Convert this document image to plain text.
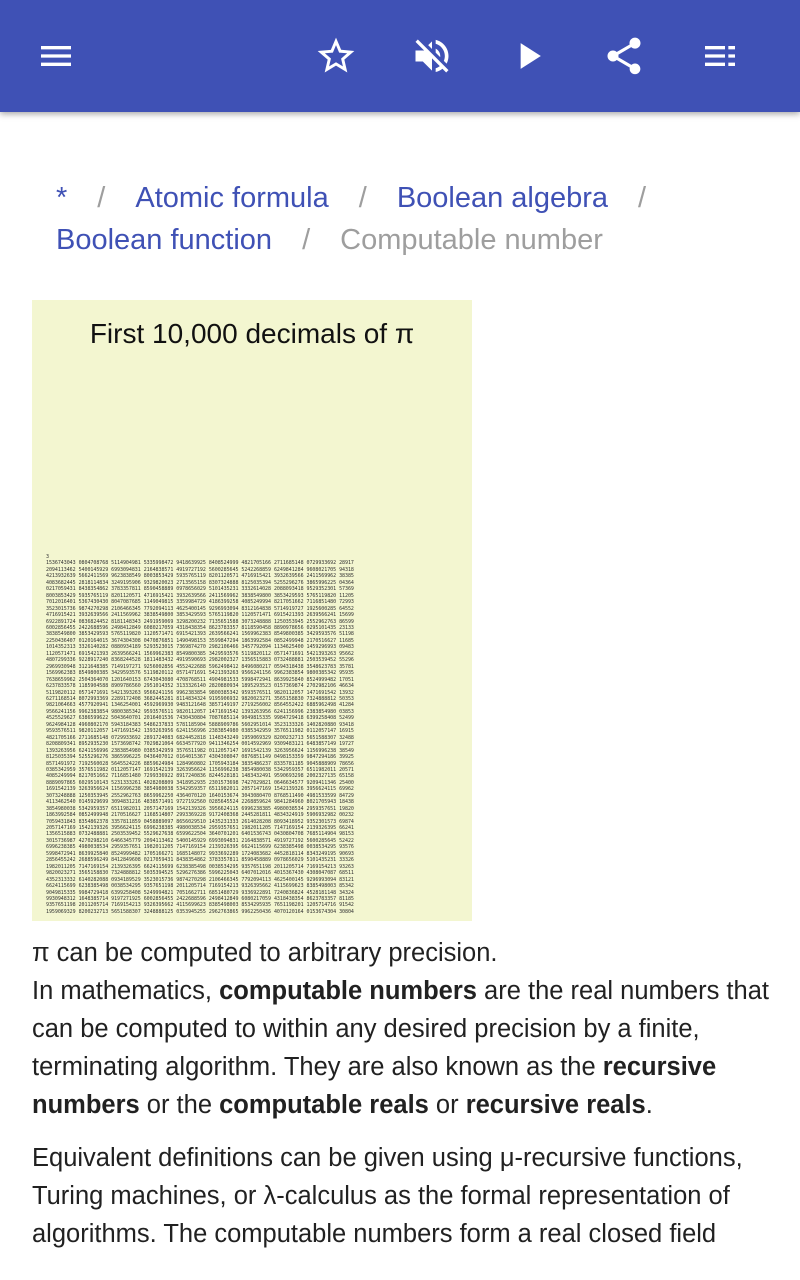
* / Atomic formula / Boolean algebra /
Boolean function / Computable number
First 10,000 decimals of π
3
1536743043 0804708768 5114904981 5335998472 9418639925 8408524999 4821705166 2711685148 0729933692 28917
2094113462 5400145929 6993094831 2164838571 4919727192 5600285645 5242268859 6249841284 9608021705 94318
4213932639 5662411569 9623838549 8003853429 5935765119 8201120571 4716915421 3932639566 2411569962 38385
4083682445 2818114834 3249195906 9329820023 2713565158 8307324888 8125035394 5255296276 3865996225 04364
0217059431 8438354862 3783357811 8590458889 0978656029 5101435231 3332614028 2088093418 9529352301 57369
8003853429 5935765119 8201120571 4716915421 3932639566 2411569962 3838549800 3853429593 5765119820 11205
7012016401 5367430430 8047087685 1149049815 3359984729 4186399258 4085249994 8217051662 7116851480 72993
3523015736 9874270298 2106466345 7792094113 4625400145 9296993094 8312164838 5714919727 1925600285 64552
4716915421 3932639566 2411569962 3838549800 3853429593 5765119820 1120571471 6915421393 2639566241 15699
6922891724 0836824452 8181148343 2491959069 3298200232 7135651588 3073248888 1250353945 2552962763 86599
6002856455 2422688596 2498412849 6080217059 4318438354 8623783357 8118590458 8890978656 0295101435 23133
3838549800 3853429593 5765119820 1120571471 6915421393 2639566241 1569962383 8549800385 3429593576 51198
2250436407 0120164015 3674304308 0470876851 1490498153 3599847294 1863992584 0852499948 2170516627 11685
1014352313 3326140282 0880934189 5293523015 7369874270 2982106466 3457792094 1134625400 1459296993 09483
1120571471 6915421393 2639566241 1569962383 8549800385 3429593576 5119820112 0571471691 5421393263 95662
4807299336 9228917240 8368244528 1811483432 4919590693 2982002327 1356515883 0732488881 2503539452 55296
2969930948 3121648385 7149197271 9256002856 4552422688 5962498412 8496080217 0594318438 3548623783 35781
1569962383 8549800385 3429593576 5119820112 0571471691 5421393263 9566241156 9962383854 9800385342 95935
7638659962 2504364070 1201640153 6743043080 4708768511 4904981533 5998472941 8639925840 8524999482 17051
6237833578 1185904588 8909786560 2951014352 3133326140 2820880934 1895293523 0157369874 2702982106 46634
5119820112 0571471691 5421393263 9566241156 9962383854 9800385342 9593576511 9820112057 1471691542 13932
6271168514 8072993369 2289172408 3682445281 8114834324 9195906932 9820023271 3565158830 7324888812 50353
9821064663 4577920941 1346254001 4592969930 9483121648 3857149197 2719256002 8564552422 6885962498 41284
9566241156 9962383854 9800385342 9593576511 9820112057 1471691542 1393263956 6241156996 2383854980 03853
4525529627 6386599622 5043640701 2016401536 7430430804 7087685114 9049815335 9984729418 6399258408 52499
9624984128 4960802170 5943184383 5486237833 5781185904 5888909786 5602951014 3523133326 1402820880 93418
9593576511 9820112057 1471691542 1393263956 6241156996 2383854980 0385342959 3576511982 0112057147 16915
4821705166 2711685148 0729933692 2891724083 6824452818 1148343249 1959069329 8200232713 5651588307 32488
8208809341 8952935230 1573698742 7029821064 6634577920 9411346254 0014592969 9309483121 6483857149 19727
1393263956 6241156996 2383854980 0385342959 3576511982 0112057147 1691542139 3263956624 1156996238 38549
8125035394 5255296276 3865996225 0436407012 0164015367 4304308047 0876851149 0498153359 9847294186 39925
8571491972 7192560028 5645524226 8859624984 1284960802 1705943184 3835486237 8335781185 9045888909 78656
0385342959 3576511982 0112057147 1691542139 3263956624 1156996238 3854980038 5342959357 6511982011 20571
4085249994 8217051662 7116851480 7299336922 8917240836 8244528181 1483432491 9590693298 2002327135 65158
8889097865 6029510143 5231333261 4028208809 3418952935 2301573698 7427029821 0646634577 9209411346 25400
1691542139 3263956624 1156996238 3854980038 5342959357 6511982011 2057147169 1542139326 3956624115 69962
3073248888 1250353945 2552962763 8659962250 4364070120 1640153674 3043080470 8768511490 4981533599 84729
4113462540 0145929699 3094831216 4838571491 9727192560 0285645524 2268859624 9841284960 8021705943 18438
3854980038 5342959357 6511982011 2057147169 1542139326 3956624115 6996238385 4980038534 2959357651 19820
1863992584 0852499948 2170516627 1168514807 2993369228 9172408368 2445281811 4834324919 5906932982 00232
7059431843 8354862378 3357811859 0458889097 8656029510 1435231333 2614028208 8093418952 9352301573 69874
2057147169 1542139326 3956624115 6996238385 4980038534 2959357651 1982011205 7147169154 2139326395 66241
1356515883 0732488881 2503539452 5529627638 6599622504 3640701201 6401536743 0430804708 7685114904 98153
3015736987 4270298210 6466345779 2094113462 5400145929 6993094831 2164838571 4919727192 5600285645 52422
6996238385 4980038534 2959357651 1982011205 7147169154 2139326395 6624115699 6238385498 0038534295 93576
5998472941 8639925840 8524999482 1705166271 1685148072 9933692289 1724083682 4452818114 8343249195 90693
2856455242 2688596249 8412849608 0217059431 8438354862 3783357811 8590458889 0978656029 5101435231 33326
1982011205 7147169154 2139326395 6624115699 6238385498 0038534295 9357651198 2011205714 7169154213 93263
9820023271 3565158830 7324888812 5035394525 5296276386 5996225043 6407012016 4015367430 4308047087 68511
4352313332 6140282088 0934189529 3523015736 9874270298 2106466345 7792094113 4625400145 9296993094 83121
6624115699 6238385498 0038534295 9357651198 2011205714 7169154213 9326395662 4115699623 8385498003 85342
9049815335 9984729418 6399258408 5249994821 7051662711 6851480729 9336922891 7240836824 4528181148 34324
9930948312 1648385714 9197271925 6002856455 2422688596 2498412849 6080217059 4318438354 8623783357 81185
9357651198 2011205714 7169154213 9326395662 4115699623 8385498003 8534295935 7651198201 1205714716 91542
1959069329 8200232713 5651588307 3248888125 0353945255 2962763865 9962250436 4070120164 0153674304 30804

π can be computed to arbitrary precision.

In mathematics, computable numbers are the real numbers that can be computed to within any desired precision by a finite, terminating algorithm. They are also known as the recursive numbers or the computable reals or recursive reals.

Equivalent definitions can be given using μ-recursive functions, Turing machines, or λ-calculus as the formal representation of algorithms. The computable numbers form a real closed field
